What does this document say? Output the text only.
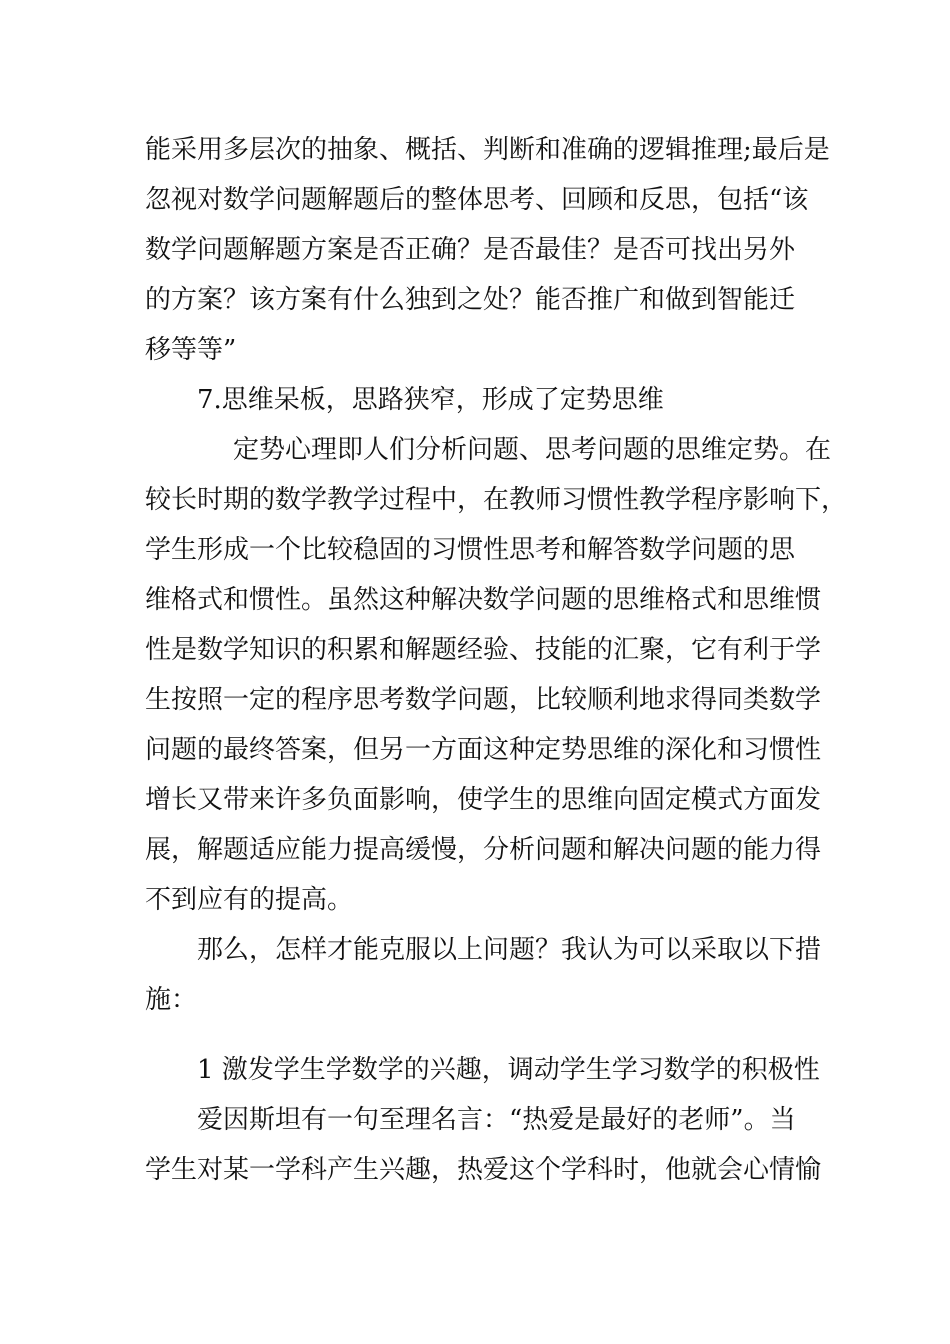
能采用多层次的抽象、概括、判断和准确的逻辑推理;最后是
忽视对数学问题解题后的整体思考、回顾和反思，包括“该
数学问题解题方案是否正确？是否最佳？是否可找出另外
的方案？该方案有什么独到之处？能否推广和做到智能迁
移等等”
7.思维呆板，思路狭窄，形成了定势思维
定势心理即人们分析问题、思考问题的思维定势。在
较长时期的数学教学过程中，在教师习惯性教学程序影响下，
学生形成一个比较稳固的习惯性思考和解答数学问题的思
维格式和惯性。虽然这种解决数学问题的思维格式和思维惯
性是数学知识的积累和解题经验、技能的汇聚，它有利于学
生按照一定的程序思考数学问题，比较顺利地求得同类数学
问题的最终答案，但另一方面这种定势思维的深化和习惯性
增长又带来许多负面影响，使学生的思维向固定模式方面发
展，解题适应能力提高缓慢，分析问题和解决问题的能力得
不到应有的提高。
那么，怎样才能克服以上问题？我认为可以采取以下措
施：
1 激发学生学数学的兴趣，调动学生学习数学的积极性
爱因斯坦有一句至理名言：“热爱是最好的老师”。当
学生对某一学科产生兴趣，热爱这个学科时，他就会心情愉
